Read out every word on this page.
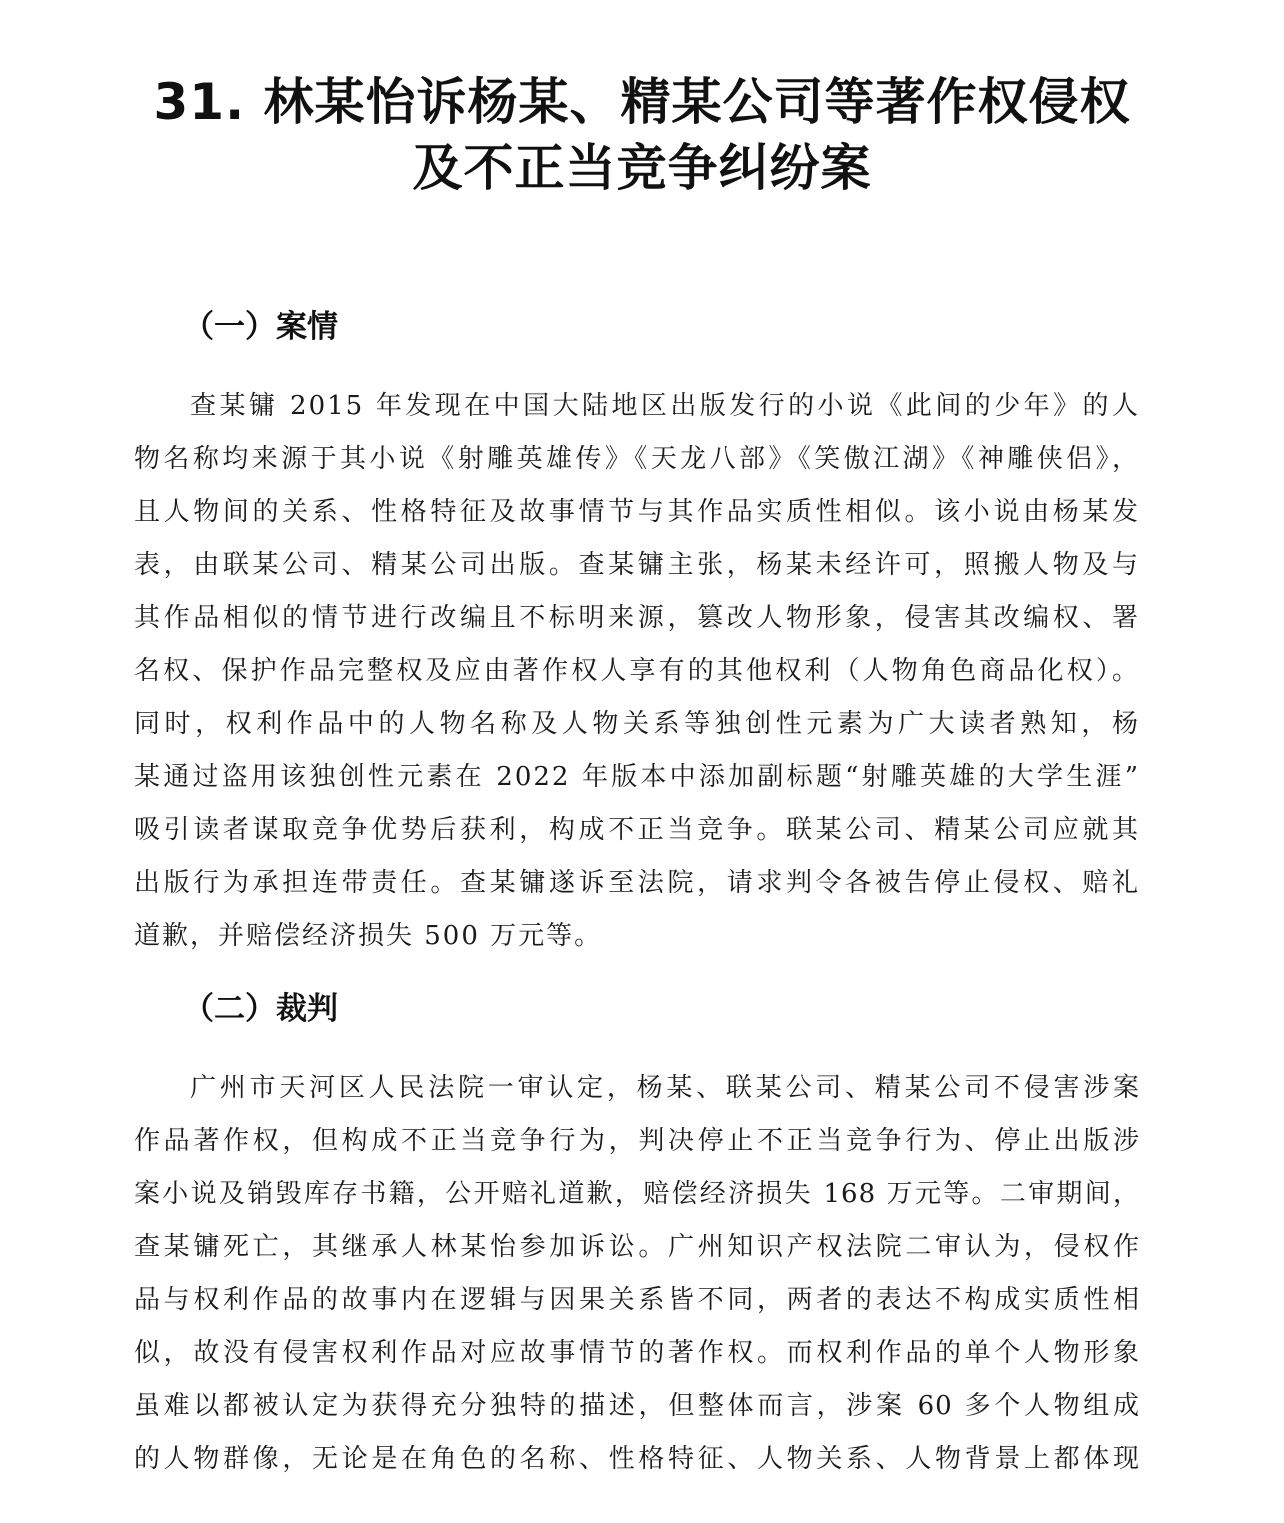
31. 林某怡诉杨某、精某公司等著作权侵权
及不正当竞争纠纷案
（一）案情
查某镛 2015 年发现在中国大陆地区出版发行的小说《此间的少年》的人
物名称均来源于其小说《射雕英雄传》《天龙八部》《笑傲江湖》《神雕侠侣》，
且人物间的关系、性格特征及故事情节与其作品实质性相似。该小说由杨某发
表，由联某公司、精某公司出版。查某镛主张，杨某未经许可，照搬人物及与
其作品相似的情节进行改编且不标明来源，篡改人物形象，侵害其改编权、署
名权、保护作品完整权及应由著作权人享有的其他权利（人物角色商品化权）。
同时，权利作品中的人物名称及人物关系等独创性元素为广大读者熟知，杨
某通过盗用该独创性元素在 2022 年版本中添加副标题“射雕英雄的大学生涯”
吸引读者谋取竞争优势后获利，构成不正当竞争。联某公司、精某公司应就其
出版行为承担连带责任。查某镛遂诉至法院，请求判令各被告停止侵权、赔礼
道歉，并赔偿经济损失 500 万元等。
（二）裁判
广州市天河区人民法院一审认定，杨某、联某公司、精某公司不侵害涉案
作品著作权，但构成不正当竞争行为，判决停止不正当竞争行为、停止出版涉
案小说及销毁库存书籍，公开赔礼道歉，赔偿经济损失 168 万元等。二审期间，
查某镛死亡，其继承人林某怡参加诉讼。广州知识产权法院二审认为，侵权作
品与权利作品的故事内在逻辑与因果关系皆不同，两者的表达不构成实质性相
似，故没有侵害权利作品对应故事情节的著作权。而权利作品的单个人物形象
虽难以都被认定为获得充分独特的描述，但整体而言，涉案 60 多个人物组成
的人物群像，无论是在角色的名称、性格特征、人物关系、人物背景上都体现
